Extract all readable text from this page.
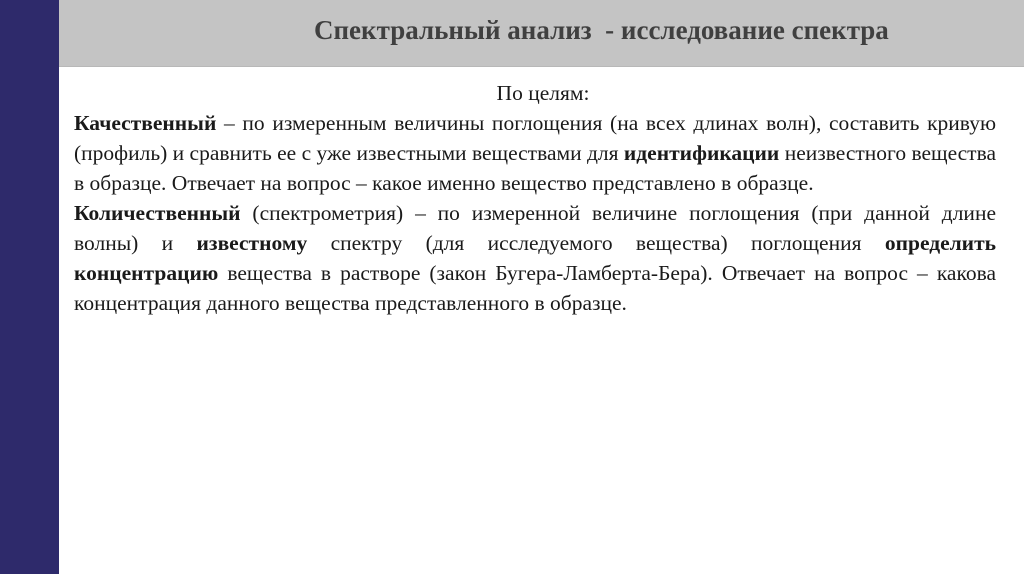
Спектральный анализ  - исследование спектра

По целям:

Качественный – по измеренным величины поглощения (на всех длинах волн), составить кривую (профиль) и сравнить ее с уже известными веществами для идентификации неизвестного вещества в образце. Отвечает на вопрос – какое именно вещество представлено в образце.

Количественный (спектрометрия) – по измеренной величине поглощения (при данной длине волны) и известному спектру (для исследуемого вещества) поглощения определить концентрацию вещества в растворе (закон Бугера-Ламберта-Бера). Отвечает на вопрос – какова концентрация данного вещества представленного в образце.
